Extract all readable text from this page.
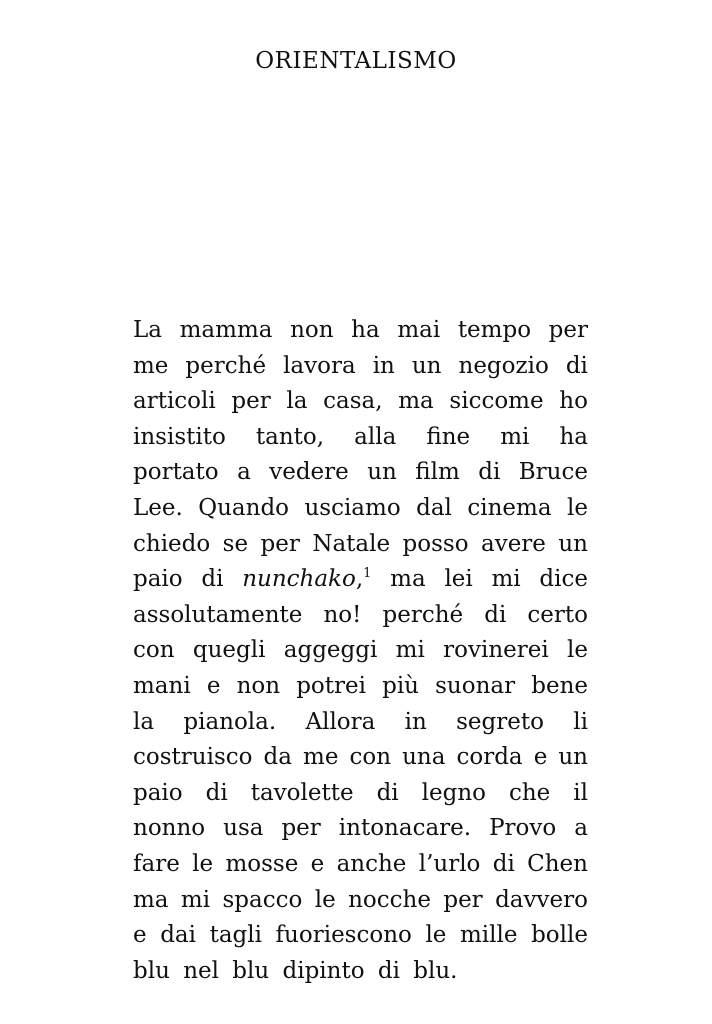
ORIENTALISMO
La mamma non ha mai tempo per
me perché lavora in un negozio di
articoli per la casa, ma siccome ho
insistito tanto, alla fine mi ha
portato a vedere un film di Bruce
Lee. Quando usciamo dal cinema le
chiedo se per Natale posso avere un
paio di nunchako,$^1$ ma lei mi dice
assolutamente no! perché di certo
con quegli aggeggi mi rovinerei le
mani e non potrei più suonar bene
la pianola. Allora in segreto li
costruisco da me con una corda e un
paio di tavolette di legno che il
nonno usa per intonacare. Provo a
fare le mosse e anche l’urlo di Chen
ma mi spacco le nocche per davvero
e dai tagli fuoriescono le mille bolle
blu nel blu dipinto di blu.
